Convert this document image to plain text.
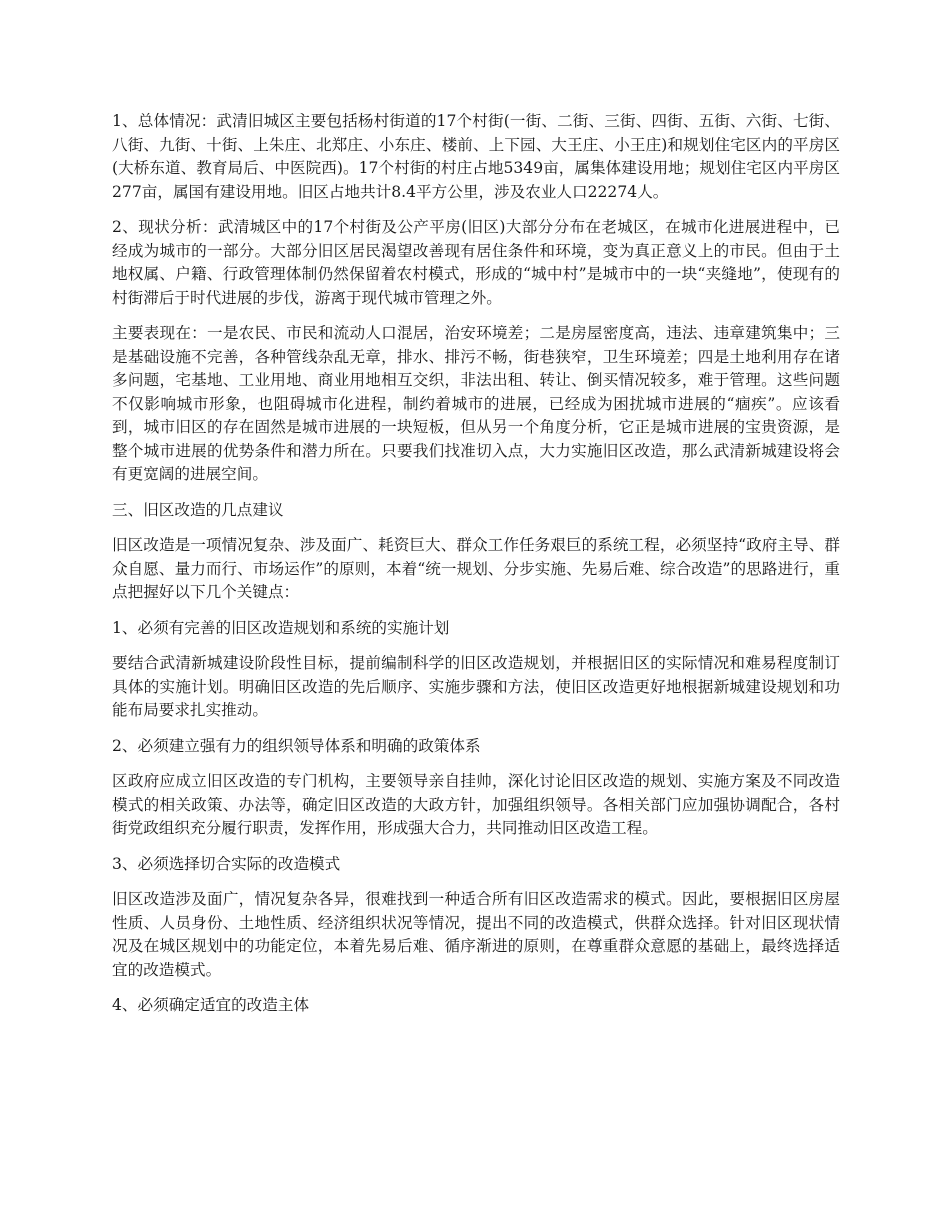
1、总体情况：武清旧城区主要包括杨村街道的17个村街(一街、二街、三街、四街、五街、六街、七街、八街、九街、十街、上朱庄、北郑庄、小东庄、楼前、上下园、大王庄、小王庄)和规划住宅区内的平房区(大桥东道、教育局后、中医院西)。17个村街的村庄占地5349亩，属集体建设用地；规划住宅区内平房区277亩，属国有建设用地。旧区占地共计8.4平方公里，涉及农业人口22274人。

2、现状分析：武清城区中的17个村街及公产平房(旧区)大部分分布在老城区，在城市化进展进程中，已经成为城市的一部分。大部分旧区居民渴望改善现有居住条件和环境，变为真正意义上的市民。但由于土地权属、户籍、行政管理体制仍然保留着农村模式，形成的“城中村”是城市中的一块“夹缝地”，使现有的村街滞后于时代进展的步伐，游离于现代城市管理之外。

主要表现在：一是农民、市民和流动人口混居，治安环境差；二是房屋密度高，违法、违章建筑集中；三是基础设施不完善，各种管线杂乱无章，排水、排污不畅，街巷狭窄，卫生环境差；四是土地利用存在诸多问题，宅基地、工业用地、商业用地相互交织，非法出租、转让、倒买情况较多，难于管理。这些问题不仅影响城市形象，也阻碍城市化进程，制约着城市的进展，已经成为困扰城市进展的“痼疾”。应该看到，城市旧区的存在固然是城市进展的一块短板，但从另一个角度分析，它正是城市进展的宝贵资源，是整个城市进展的优势条件和潜力所在。只要我们找准切入点，大力实施旧区改造，那么武清新城建设将会有更宽阔的进展空间。

三、旧区改造的几点建议

旧区改造是一项情况复杂、涉及面广、耗资巨大、群众工作任务艰巨的系统工程，必须坚持“政府主导、群众自愿、量力而行、市场运作”的原则，本着“统一规划、分步实施、先易后难、综合改造”的思路进行，重点把握好以下几个关键点：

1、必须有完善的旧区改造规划和系统的实施计划

要结合武清新城建设阶段性目标，提前编制科学的旧区改造规划，并根据旧区的实际情况和难易程度制订具体的实施计划。明确旧区改造的先后顺序、实施步骤和方法，使旧区改造更好地根据新城建设规划和功能布局要求扎实推动。

2、必须建立强有力的组织领导体系和明确的政策体系

区政府应成立旧区改造的专门机构，主要领导亲自挂帅，深化讨论旧区改造的规划、实施方案及不同改造模式的相关政策、办法等，确定旧区改造的大政方针，加强组织领导。各相关部门应加强协调配合，各村街党政组织充分履行职责，发挥作用，形成强大合力，共同推动旧区改造工程。

3、必须选择切合实际的改造模式

旧区改造涉及面广，情况复杂各异，很难找到一种适合所有旧区改造需求的模式。因此，要根据旧区房屋性质、人员身份、土地性质、经济组织状况等情况，提出不同的改造模式，供群众选择。针对旧区现状情况及在城区规划中的功能定位，本着先易后难、循序渐进的原则，在尊重群众意愿的基础上，最终选择适宜的改造模式。

4、必须确定适宜的改造主体
